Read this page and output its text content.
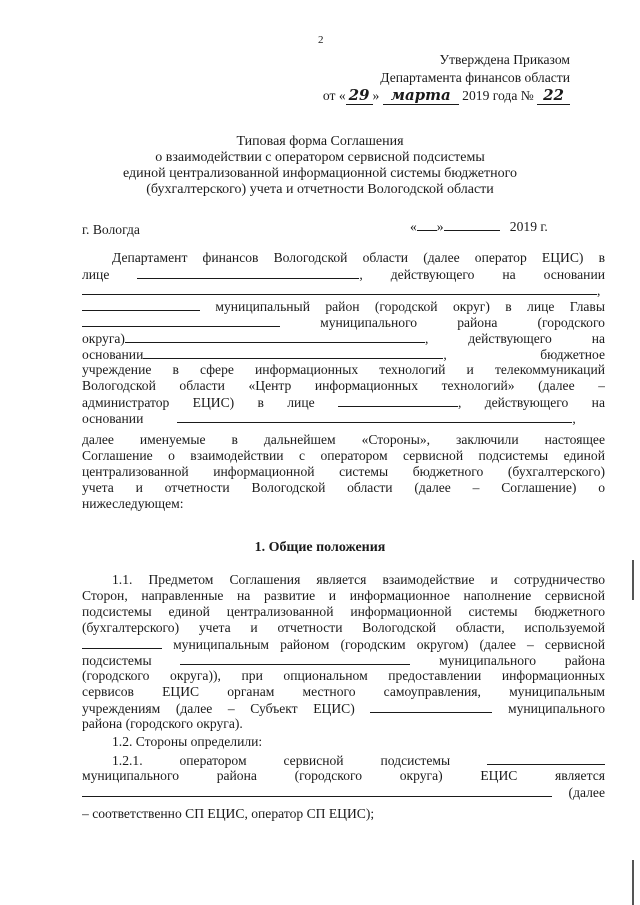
2
Утверждена Приказом
Департамента финансов области
от « 29 » марта 2019 года № 22
Типовая форма Соглашения
о взаимодействии с оператором сервисной подсистемы
единой централизованной информационной системы бюджетного
(бухгалтерского) учета и отчетности Вологодской области
г. Вологда	« »	2019 г.
Департамент финансов Вологодской области (далее оператор ЕЦИС) в
лице	, действующего на основании
,
муниципальный район (городской округ) в лице Главы
муниципального	района	(городского
округа)	,	действующего	на
основании	,	бюджетное
учреждение в сфере информационных технологий и телекоммуникаций
Вологодской области «Центр информационных технологий» (далее –
администратор ЕЦИС) в лице	, действующего на
основании	,
далее именуемые в дальнейшем «Стороны», заключили настоящее
Соглашение о взаимодействии с оператором сервисной подсистемы единой
централизованной информационной системы бюджетного (бухгалтерского)
учета и отчетности Вологодской области (далее – Соглашение) о
нижеследующем:
1. Общие положения
1.1. Предметом Соглашения является взаимодействие и сотрудничество
Сторон, направленные на развитие и информационное наполнение сервисной
подсистемы единой централизованной информационной системы бюджетного
(бухгалтерского) учета и отчетности Вологодской области, используемой
муниципальным районом (городским округом) (далее – сервисной
подсистемы	муниципального района
(городского округа)), при опциональном предоставлении информационных
сервисов ЕЦИС органам местного самоуправления, муниципальным
учреждениям (далее – Субъект ЕЦИС)	муниципального
района (городского округа).
1.2. Стороны определили:
1.2.1.	оператором	сервисной	подсистемы
муниципального	района	(городского	округа)	ЕЦИС	является
(далее
– соответственно СП ЕЦИС, оператор СП ЕЦИС);
